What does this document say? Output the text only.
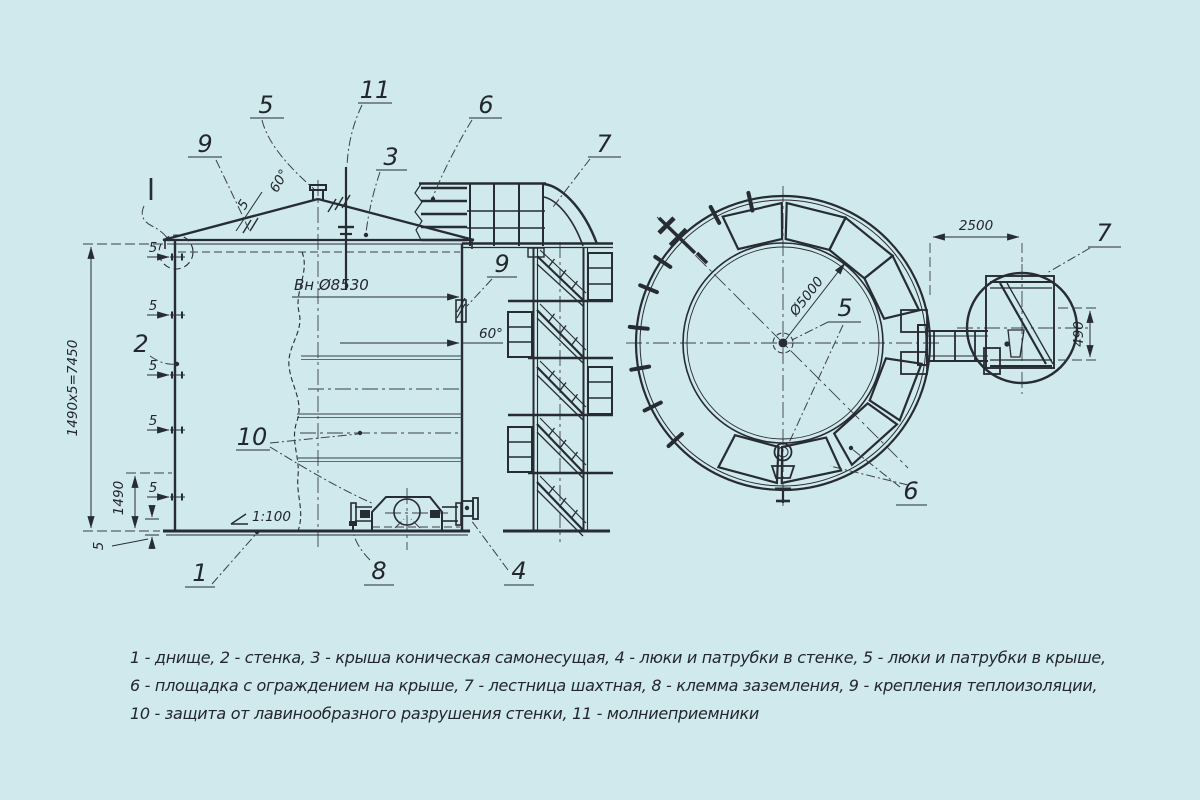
5
60°
Вн Ø8530
60°
1490х5=7450
1490
5
5
5
5
5
5
1:100
9
5
11
3
6
7
9
2
10
1	8	4
Ø5000
2500
490
5
6
7
1 - днище, 2 - стенка, 3 - крыша коническая самонесущая, 4 - люки и патрубки в стенке, 5 - люки и патрубки в крыше,
6 - площадка с ограждением на крыше, 7 - лестница шахтная, 8 - клемма заземления, 9 - крепления теплоизоляции,
10 - защита от лавинообразного разрушения стенки, 11 - молниеприемники
